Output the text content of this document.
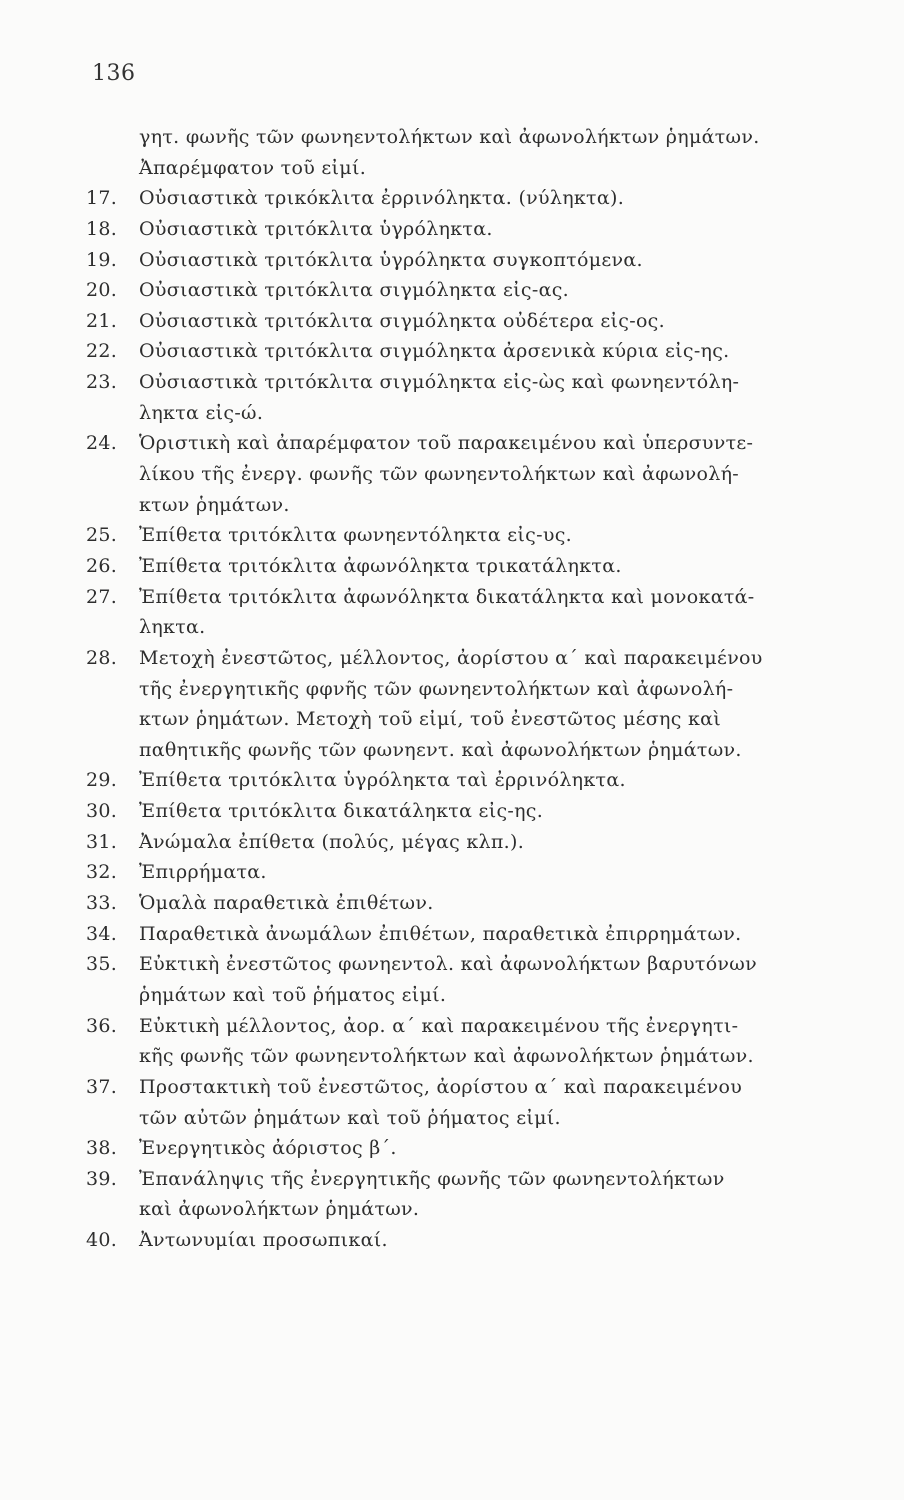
136
γητ. φωνῆς τῶν φωνηεντολήκτων καὶ ἀφωνολήκτων ῥημάτων.
Ἀπαρέμφατον τοῦ εἰμί.
17.	Οὐσιαστικὰ τρικόκλιτα ἐρρινόληκτα. (νύληκτα).
18.	Οὐσιαστικὰ τριτόκλιτα ὑγρόληκτα.
19.	Οὐσιαστικὰ τριτόκλιτα ὑγρόληκτα συγκοπτόμενα.
20.	Οὐσιαστικὰ τριτόκλιτα σιγμόληκτα εἰς-ας.
21.	Οὐσιαστικὰ τριτόκλιτα σιγμόληκτα οὐδέτερα εἰς-ος.
22.	Οὐσιαστικὰ τριτόκλιτα σιγμόληκτα ἀρσενικὰ κύρια εἰς-ης.
23.	Οὐσιαστικὰ τριτόκλιτα σιγμόληκτα εἰς-ὼς καὶ φωνηεντόλη-
ληκτα εἰς-ώ.
24.	Ὁριστικὴ καὶ ἀπαρέμφατον τοῦ παρακειμένου καὶ ὑπερσυντε-
λίκου τῆς ἐνεργ. φωνῆς τῶν φωνηεντολήκτων καὶ ἀφωνολή-
κτων ῥημάτων.
25.	Ἐπίθετα τριτόκλιτα φωνηεντόληκτα εἰς-υς.
26.	Ἐπίθετα τριτόκλιτα ἀφωνόληκτα τρικατάληκτα.
27.	Ἐπίθετα τριτόκλιτα ἀφωνόληκτα δικατάληκτα καὶ μονοκατά-
ληκτα.
28.	Μετοχὴ ἐνεστῶτος, μέλλοντος, ἀορίστου α΄ καὶ παρακειμένου
τῆς ἐνεργητικῆς φφνῆς τῶν φωνηεντολήκτων καὶ ἀφωνολή-
κτων ῥημάτων. Μετοχὴ τοῦ εἰμί, τοῦ ἐνεστῶτος μέσης καὶ
παθητικῆς φωνῆς τῶν φωνηεντ. καὶ ἀφωνολήκτων ῥημάτων.
29.	Ἐπίθετα τριτόκλιτα ὑγρόληκτα ταὶ ἐρρινόληκτα.
30.	Ἐπίθετα τριτόκλιτα δικατάληκτα εἰς-ης.
31.	Ἀνώμαλα ἐπίθετα (πολύς, μέγας κλπ.).
32.	Ἐπιρρήματα.
33.	Ὁμαλὰ παραθετικὰ ἐπιθέτων.
34.	Παραθετικὰ ἀνωμάλων ἐπιθέτων, παραθετικὰ ἐπιρρημάτων.
35.	Εὐκτικὴ ἐνεστῶτος φωνηεντολ. καὶ ἀφωνολήκτων βαρυτόνων
ῥημάτων καὶ τοῦ ῥήματος εἰμί.
36.	Εὐκτικὴ μέλλοντος, ἀορ. α΄ καὶ παρακειμένου τῆς ἐνεργητι-
κῆς φωνῆς τῶν φωνηεντολήκτων καὶ ἀφωνολήκτων ῥημάτων.
37.	Προστακτικὴ τοῦ ἐνεστῶτος, ἀορίστου α΄ καὶ παρακειμένου
τῶν αὐτῶν ῥημάτων καὶ τοῦ ῥήματος εἰμί.
38.	Ἐνεργητικὸς ἀόριστος β΄.
39.	Ἐπανάληψις τῆς ἐνεργητικῆς φωνῆς τῶν φωνηεντολήκτων
καὶ ἀφωνολήκτων ῥημάτων.
40.	Ἀντωνυμίαι προσωπικαί.
